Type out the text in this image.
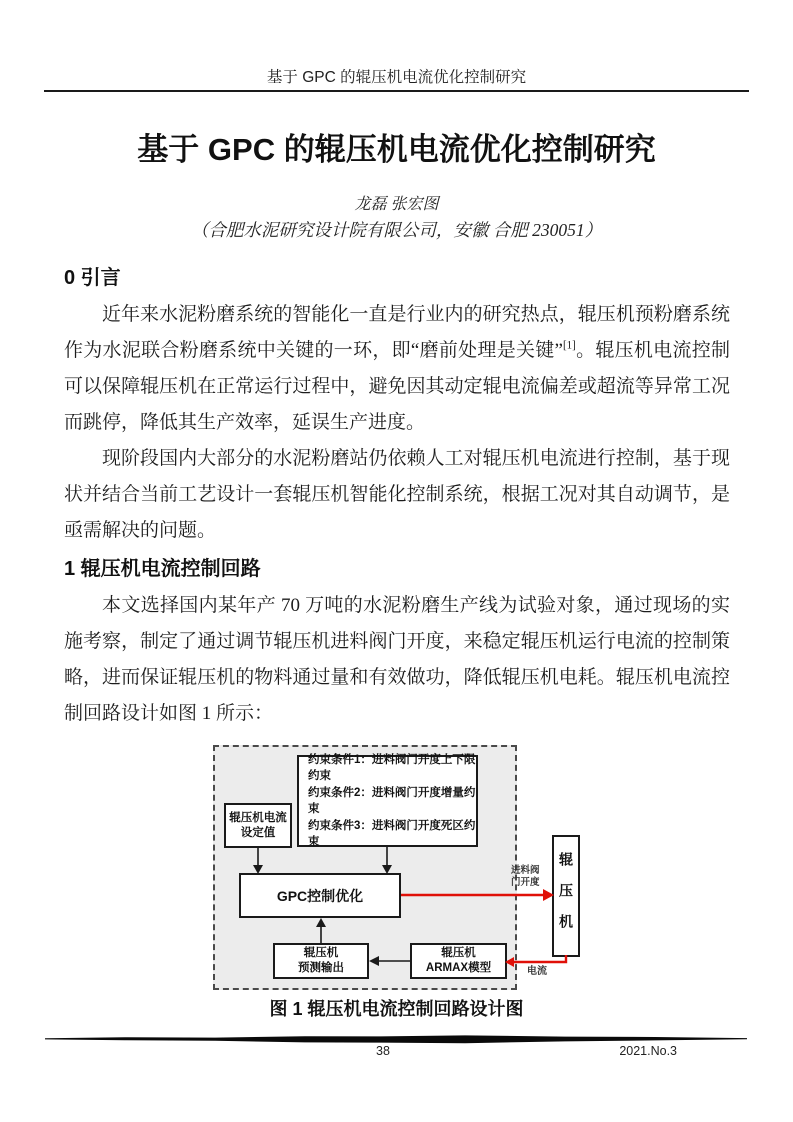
基于 GPC 的辊压机电流优化控制研究
基于 GPC 的辊压机电流优化控制研究
龙磊 张宏图
（合肥水泥研究设计院有限公司，安徽 合肥 230051）
0 引言

近年来水泥粉磨系统的智能化一直是行业内的研究热点，辊压机预粉磨系统作为水泥联合粉磨系统中关键的一环，即“磨前处理是关键”[1]。辊压机电流控制可以保障辊压机在正常运行过程中，避免因其动定辊电流偏差或超流等异常工况而跳停，降低其生产效率，延误生产进度。

现阶段国内大部分的水泥粉磨站仍依赖人工对辊压机电流进行控制，基于现状并结合当前工艺设计一套辊压机智能化控制系统，根据工况对其自动调节，是亟需解决的问题。

1 辊压机电流控制回路

本文选择国内某年产 70 万吨的水泥粉磨生产线为试验对象，通过现场的实施考察，制定了通过调节辊压机进料阀门开度，来稳定辊压机运行电流的控制策略，进而保证辊压机的物料通过量和有效做功，降低辊压机电耗。辊压机电流控制回路设计如图 1 所示：

约束条件1：进料阀门开度上下限约束
约束条件2：进料阀门开度增量约束
约束条件3：进料阀门开度死区约束
辊压机电流
设定值
GPC控制优化
辊压机
预测输出
辊压机
ARMAX模型
辊压机
进料阀门开度
电流
图 1 辊压机电流控制回路设计图
38	2021.No.3
